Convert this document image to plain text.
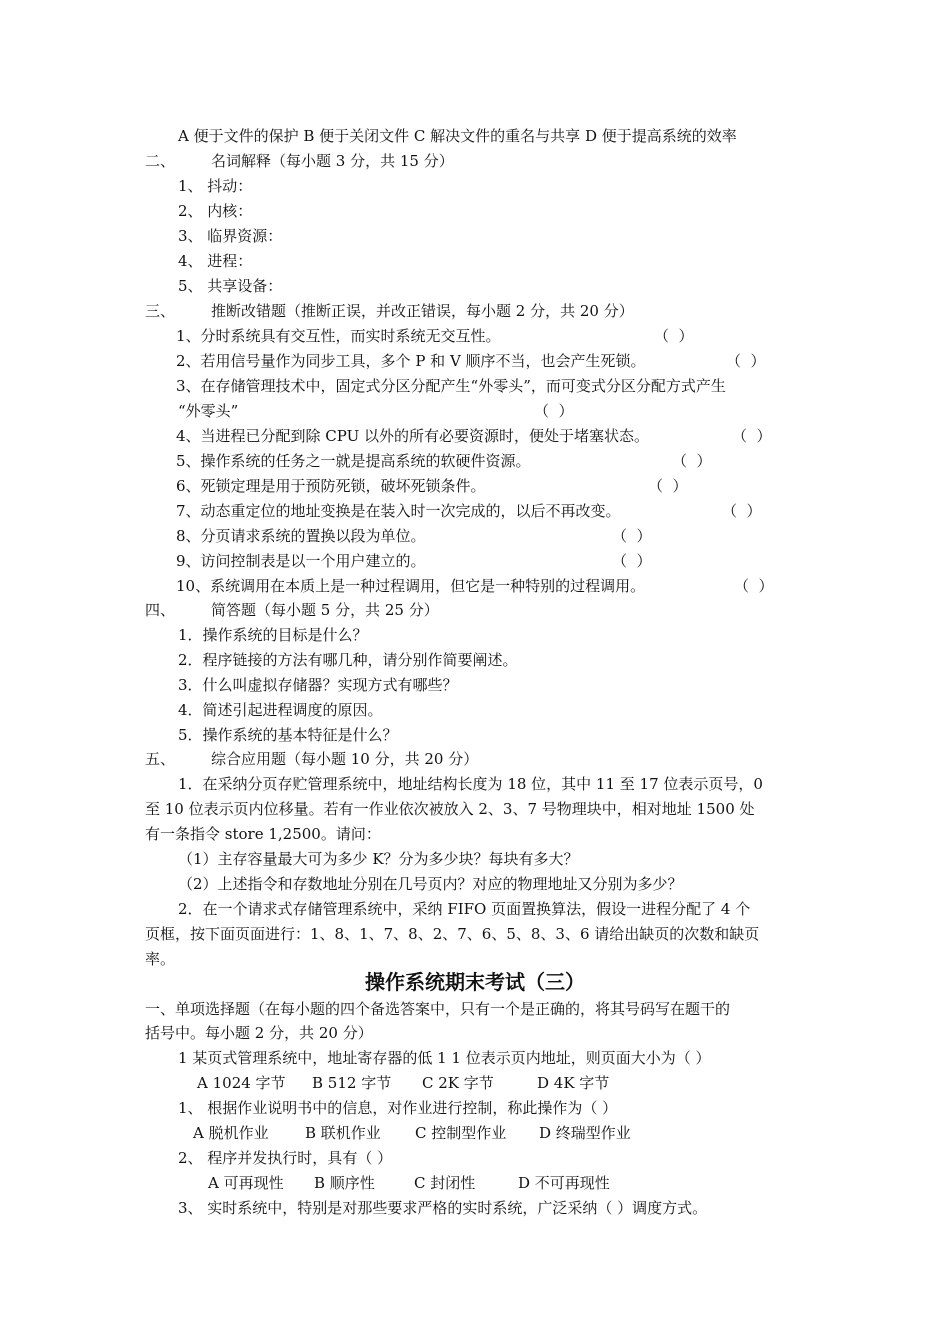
A 便于文件的保护 B 便于关闭文件 C 解决文件的重名与共享 D 便于提高系统的效率
二、 名词解释（每小题 3 分，共 15 分）
1、 抖动：
2、 内核：
3、 临界资源：
4、 进程：
5、 共享设备：
三、 推断改错题（推断正误，并改正错误，每小题 2 分，共 20 分）
1、分时系统具有交互性，而实时系统无交互性。	（  ）
2、若用信号量作为同步工具，多个 P 和 V 顺序不当，也会产生死锁。	（  ）
3、在存储管理技术中，固定式分区分配产生“外零头”，而可变式分区分配方式产生
“外零头”	（  ）
4、当进程已分配到除 CPU 以外的所有必要资源时，便处于堵塞状态。	（  ）
5、操作系统的任务之一就是提高系统的软硬件资源。	（  ）
6、死锁定理是用于预防死锁，破坏死锁条件。	（  ）
7、动态重定位的地址变换是在装入时一次完成的，以后不再改变。	（  ）
8、分页请求系统的置换以段为单位。	（  ）
9、访问控制表是以一个用户建立的。	（  ）
10、系统调用在本质上是一种过程调用，但它是一种特别的过程调用。	（  ）
四、 简答题（每小题 5 分，共 25 分）
1．操作系统的目标是什么？
2．程序链接的方法有哪几种，请分别作简要阐述。
3．什么叫虚拟存储器？实现方式有哪些？
4．简述引起进程调度的原因。
5．操作系统的基本特征是什么？
五、 综合应用题（每小题 10 分，共 20 分）
1．在采纳分页存贮管理系统中，地址结构长度为 18 位，其中 11 至 17 位表示页号，0
至 10 位表示页内位移量。若有一作业依次被放入 2、3、7 号物理块中，相对地址 1500 处
有一条指令 store 1,2500。请问：
（1）主存容量最大可为多少 K？分为多少块？每块有多大？
（2）上述指令和存数地址分别在几号页内？对应的物理地址又分别为多少？
2．在一个请求式存储管理系统中，采纳 FIFO 页面置换算法，假设一进程分配了 4 个
页框，按下面页面进行：1、8、1、7、8、2、7、6、5、8、3、6 请给出缺页的次数和缺页
率。
操作系统期末考试（三）
一、单项选择题（在每小题的四个备选答案中，只有一个是正确的，将其号码写在题干的
括号中。每小题 2 分，共 20 分）
1 某页式管理系统中，地址寄存器的低 1 1 位表示页内地址，则页面大小为（ ）
A 1024 字节 B 512 字节 C 2K 字节	D 4K 字节
1、 根据作业说明书中的信息，对作业进行控制，称此操作为（ ）
A 脱机作业 B 联机作业 C 控制型作业 D 终瑞型作业
2、 程序并发执行时，具有（ ）
A 可再现性 B 顺序性	C 封闭性	D 不可再现性
3、 实时系统中，特别是对那些要求严格的实时系统，广泛采纳（ ）调度方式。
